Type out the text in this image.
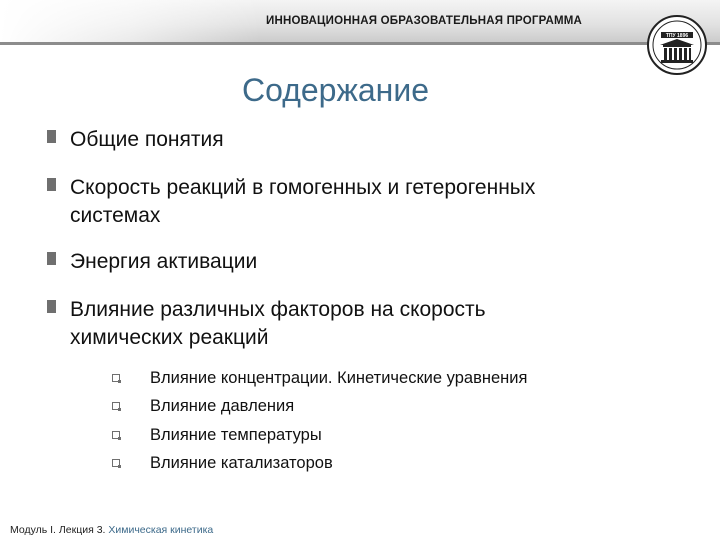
ИННОВАЦИОННАЯ ОБРАЗОВАТЕЛЬНАЯ ПРОГРАММА
ТПУ 1896
Содержание
Общие понятия
Скорость реакций в гомогенных и гетерогенных
системах
Энергия активации
Влияние различных факторов на скорость
химических реакций
Влияние концентрации. Кинетические уравнения
Влияние давления
Влияние температуры
Влияние катализаторов
Модуль I. Лекция 3. Химическая кинетика
